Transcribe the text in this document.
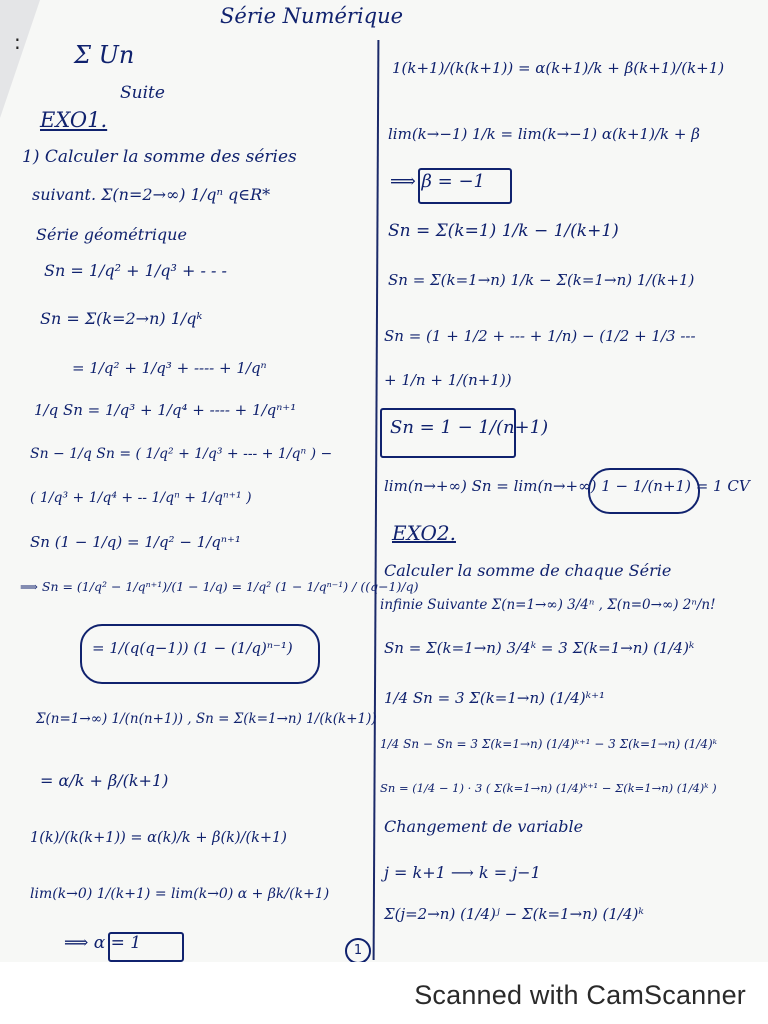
:
Série Numérique
Σ Un
Suite
EXO1.
1) Calculer la somme des séries
suivant. Σ(n=2→∞) 1/qⁿ q∈R*
Série géométrique
Sn = 1/q² + 1/q³ + - - -
Sn = Σ(k=2→n) 1/qᵏ
= 1/q² + 1/q³ + ---- + 1/qⁿ
1/q Sn = 1/q³ + 1/q⁴ + ---- + 1/qⁿ⁺¹
Sn − 1/q Sn = ( 1/q² + 1/q³ + --- + 1/qⁿ ) −
( 1/q³ + 1/q⁴ + -- 1/qⁿ + 1/qⁿ⁺¹ )
Sn (1 − 1/q) = 1/q² − 1/qⁿ⁺¹
⟹ Sn = (1/q² − 1/qⁿ⁺¹)/(1 − 1/q) = 1/q² (1 − 1/qⁿ⁻¹) / ((q−1)/q)
= 1/(q(q−1)) (1 − (1/q)ⁿ⁻¹)
Σ(n=1→∞) 1/(n(n+1)) , Sn = Σ(k=1→n) 1/(k(k+1))
= α/k + β/(k+1)
1(k)/(k(k+1)) = α(k)/k + β(k)/(k+1)
lim(k→0) 1/(k+1) = lim(k→0) α + βk/(k+1)
⟹ α = 1
1(k+1)/(k(k+1)) = α(k+1)/k + β(k+1)/(k+1)
lim(k→−1) 1/k = lim(k→−1) α(k+1)/k + β
⟹ β = −1
Sn = Σ(k=1) 1/k − 1/(k+1)
Sn = Σ(k=1→n) 1/k − Σ(k=1→n) 1/(k+1)
Sn = (1 + 1/2 + --- + 1/n) − (1/2 + 1/3 ---
+ 1/n + 1/(n+1))
Sn = 1 − 1/(n+1)
lim(n→+∞) Sn = lim(n→+∞) 1 − 1/(n+1) = 1 CV
EXO2.
Calculer la somme de chaque Série
infinie Suivante Σ(n=1→∞) 3/4ⁿ , Σ(n=0→∞) 2ⁿ/n!
Sn = Σ(k=1→n) 3/4ᵏ = 3 Σ(k=1→n) (1/4)ᵏ
1/4 Sn = 3 Σ(k=1→n) (1/4)ᵏ⁺¹
1/4 Sn − Sn = 3 Σ(k=1→n) (1/4)ᵏ⁺¹ − 3 Σ(k=1→n) (1/4)ᵏ
Sn = (1/4 − 1) · 3 ( Σ(k=1→n) (1/4)ᵏ⁺¹ − Σ(k=1→n) (1/4)ᵏ )
Changement de variable
j = k+1 ⟶ k = j−1
Σ(j=2→n) (1/4)ʲ − Σ(k=1→n) (1/4)ᵏ
1
Scanned with CamScanner
